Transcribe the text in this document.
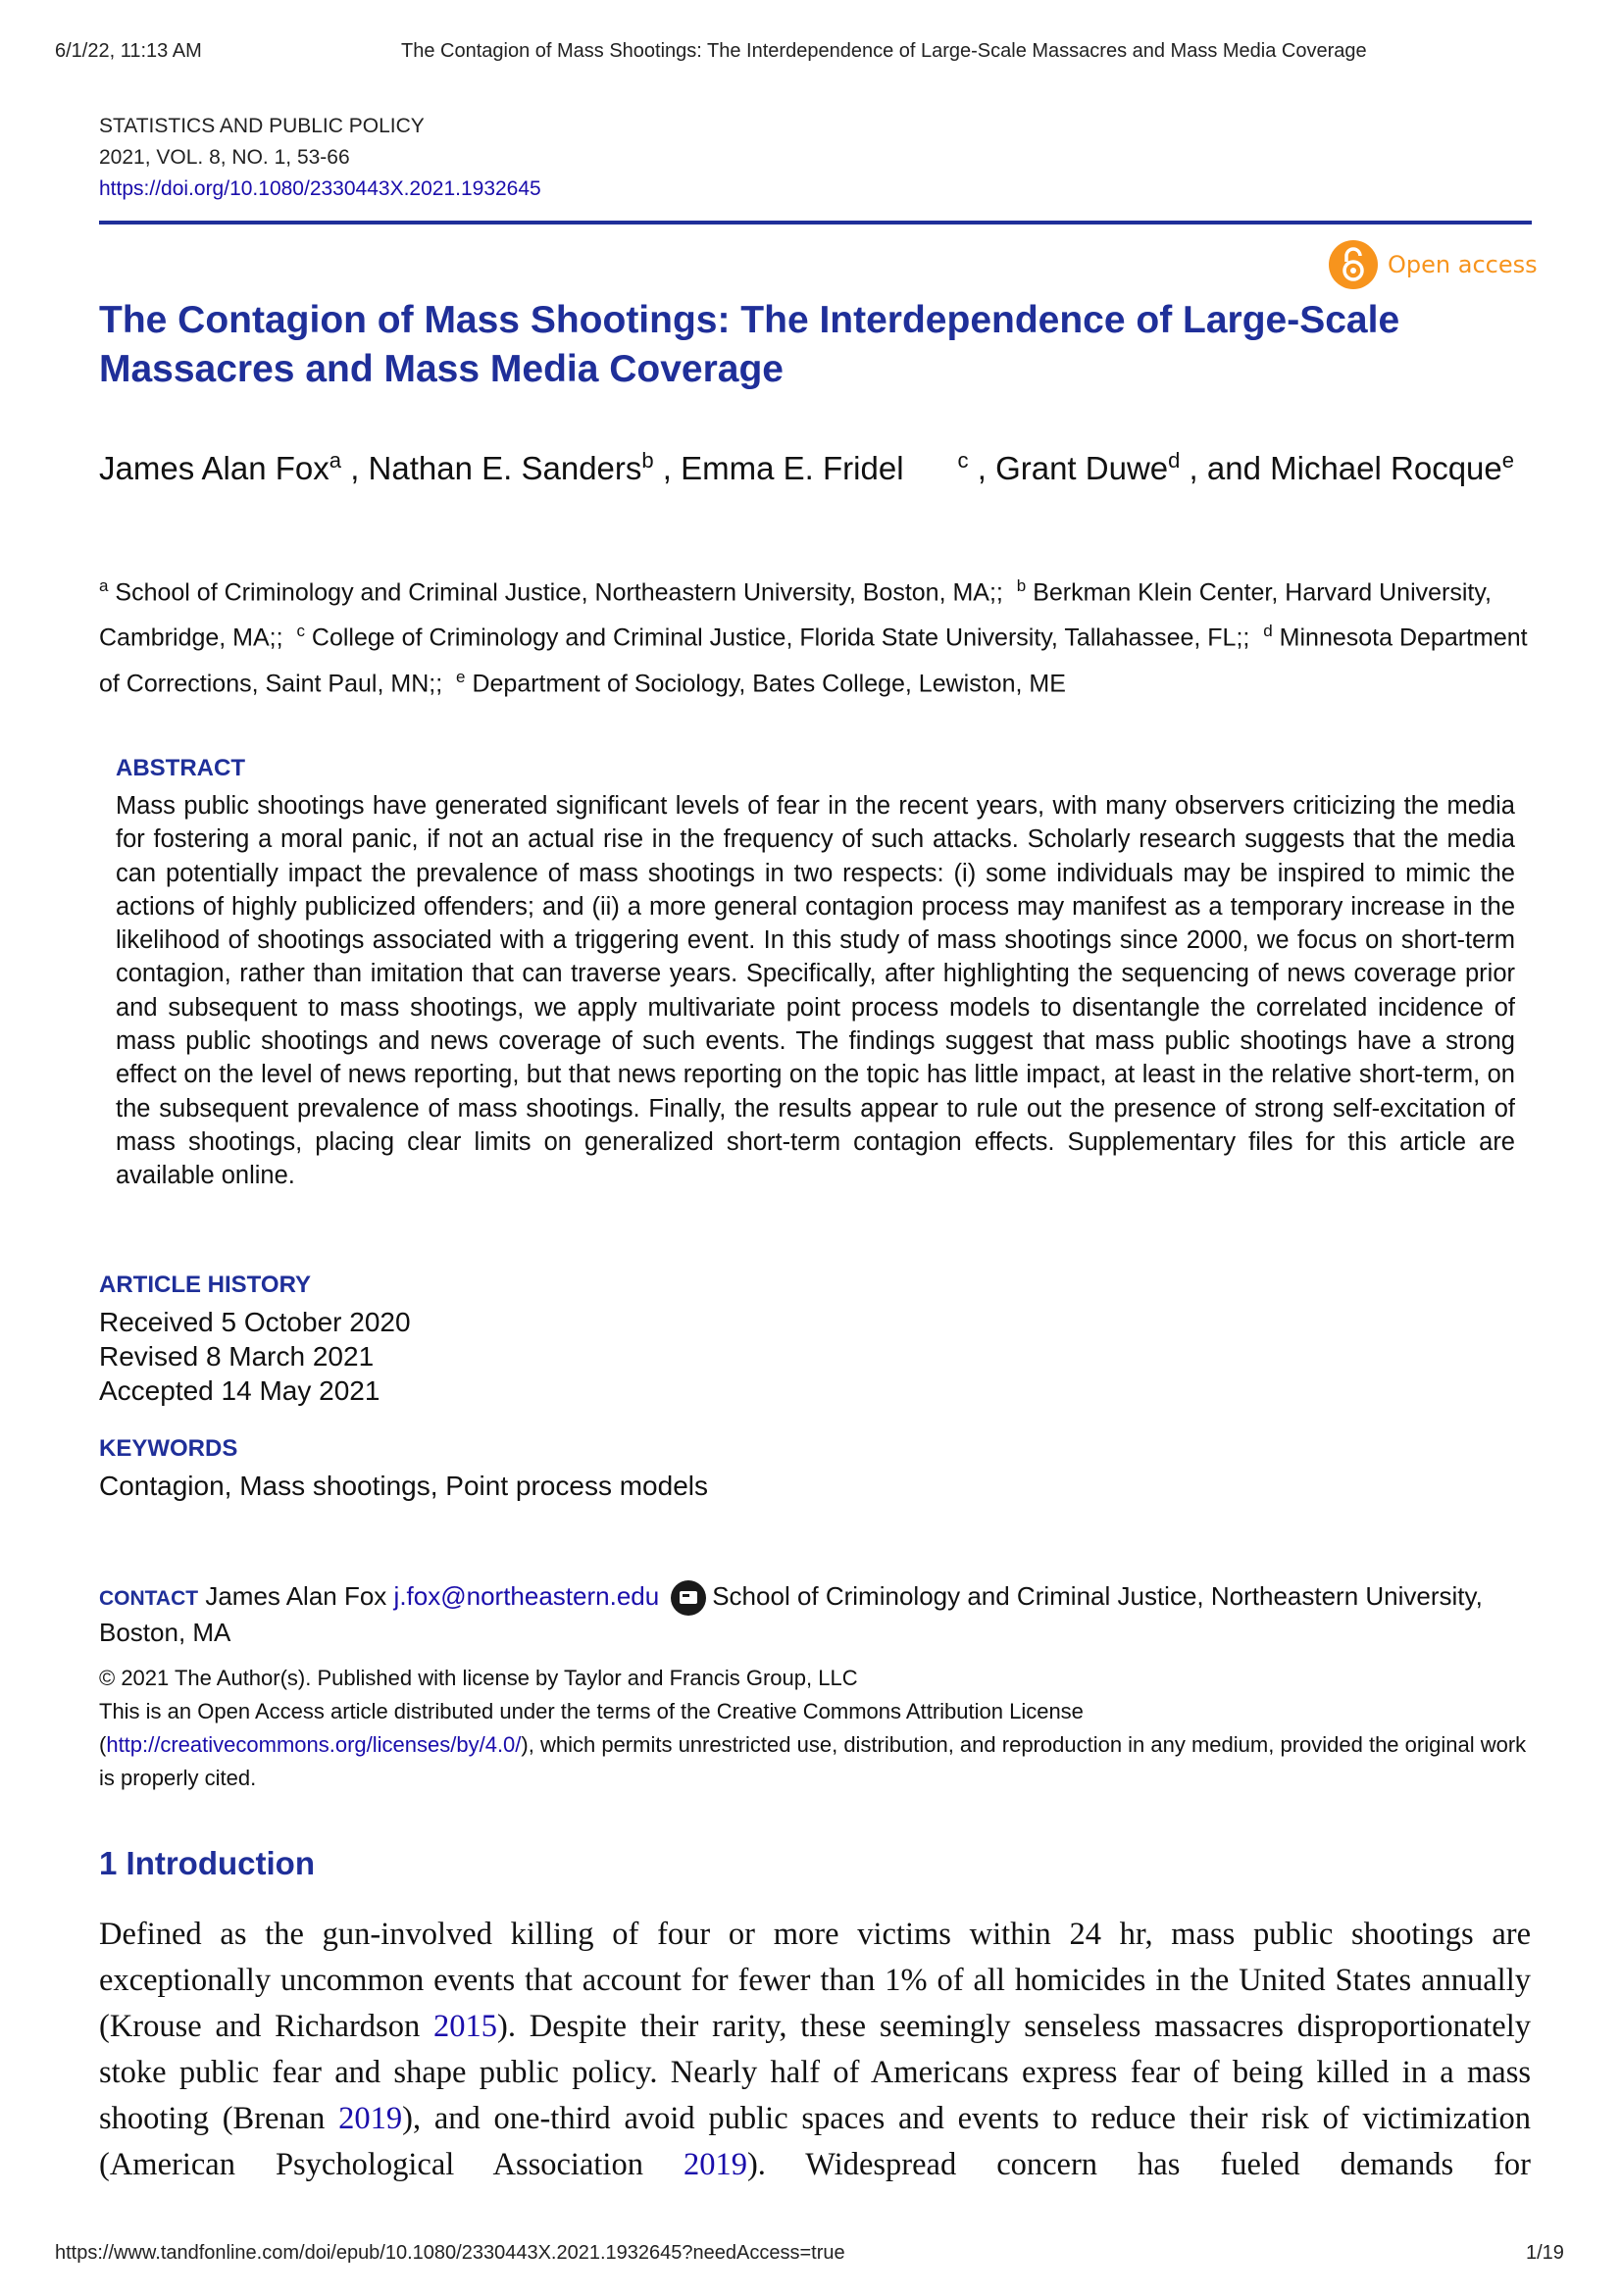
6/1/22, 11:13 AM	The Contagion of Mass Shootings: The Interdependence of Large-Scale Massacres and Mass Media Coverage
STATISTICS AND PUBLIC POLICY
2021, VOL. 8, NO. 1, 53-66
https://doi.org/10.1080/2330443X.2021.1932645
Open access
The Contagion of Mass Shootings: The Interdependence of Large-Scale Massacres and Mass Media Coverage
James Alan Fox$^a$ , Nathan E. Sanders$^b$ , Emma E. Fridel	$^c$ , Grant Duwe$^d$ , and Michael Rocque$^e$
$^a$ School of Criminology and Criminal Justice, Northeastern University, Boston, MA;; $^b$ Berkman Klein Center, Harvard University, Cambridge, MA;; $^c$ College of Criminology and Criminal Justice, Florida State University, Tallahassee, FL;; $^d$ Minnesota Department of Corrections, Saint Paul, MN;; $^e$ Department of Sociology, Bates College, Lewiston, ME
ABSTRACT
Mass public shootings have generated significant levels of fear in the recent years, with many observers criticizing the media for fostering a moral panic, if not an actual rise in the frequency of such attacks. Scholarly research suggests that the media can potentially impact the prevalence of mass shootings in two respects: (i) some individuals may be inspired to mimic the actions of highly publicized offenders; and (ii) a more general contagion process may manifest as a temporary increase in the likelihood of shootings associated with a triggering event. In this study of mass shootings since 2000, we focus on short-term contagion, rather than imitation that can traverse years. Specifically, after highlighting the sequencing of news coverage prior and subsequent to mass shootings, we apply multivariate point process models to disentangle the correlated incidence of mass public shootings and news coverage of such events. The findings suggest that mass public shootings have a strong effect on the level of news reporting, but that news reporting on the topic has little impact, at least in the relative short-term, on the subsequent prevalence of mass shootings. Finally, the results appear to rule out the presence of strong self-excitation of mass shootings, placing clear limits on generalized short-term contagion effects. Supplementary files for this article are available online.
ARTICLE HISTORY
Received 5 October 2020
Revised 8 March 2021
Accepted 14 May 2021
KEYWORDS
Contagion, Mass shootings, Point process models
CONTACT James Alan Fox j.fox@northeastern.edu School of Criminology and Criminal Justice, Northeastern University, Boston, MA
© 2021 The Author(s). Published with license by Taylor and Francis Group, LLC
This is an Open Access article distributed under the terms of the Creative Commons Attribution License
(http://creativecommons.org/licenses/by/4.0/), which permits unrestricted use, distribution, and reproduction in any medium, provided the original work is properly cited.
1 Introduction
Defined as the gun-involved killing of four or more victims within 24 hr, mass public shootings are exceptionally uncommon events that account for fewer than 1% of all homicides in the United States annually (Krouse and Richardson 2015). Despite their rarity, these seemingly senseless massacres disproportionately stoke public fear and shape public policy. Nearly half of Americans express fear of being killed in a mass shooting (Brenan 2019), and one-third avoid public spaces and events to reduce their risk of victimization (American Psychological Association 2019). Widespread concern has fueled demands for
https://www.tandfonline.com/doi/epub/10.1080/2330443X.2021.1932645?needAccess=true	1/19
